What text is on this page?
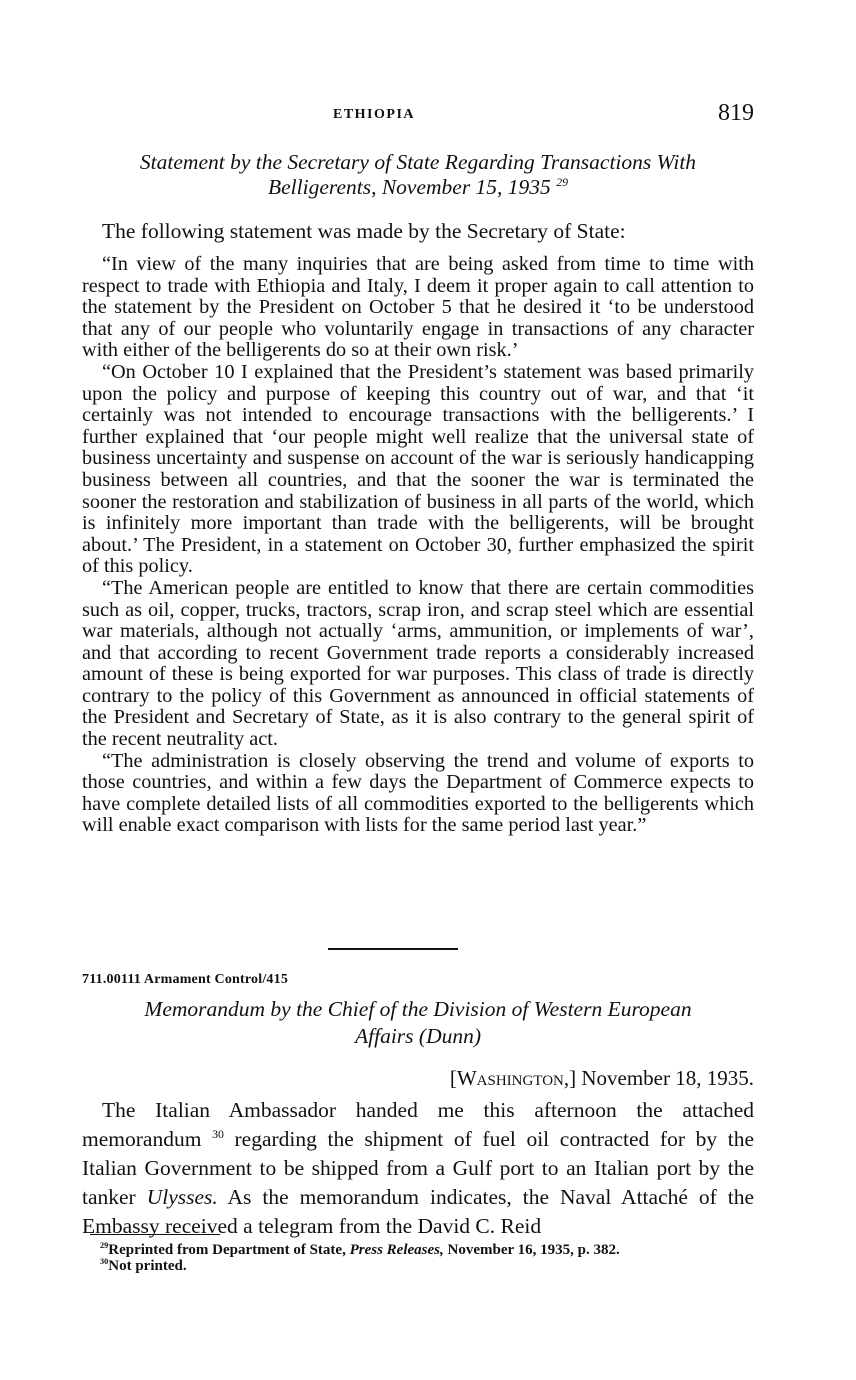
ETHIOPIA	819
Statement by the Secretary of State Regarding Transactions With
Belligerents, November 15, 1935 $^{29}$
The following statement was made by the Secretary of State:

“In view of the many inquiries that are being asked from time to time with respect to trade with Ethiopia and Italy, I deem it proper again to call attention to the statement by the President on October 5 that he desired it ‘to be understood that any of our people who voluntarily engage in transactions of any character with either of the belligerents do so at their own risk.’

“On October 10 I explained that the President’s statement was based primarily upon the policy and purpose of keeping this country out of war, and that ‘it certainly was not intended to encourage transactions with the belligerents.’ I further explained that ‘our people might well realize that the universal state of business uncertainty and suspense on account of the war is seriously handicapping business between all countries, and that the sooner the war is terminated the sooner the restoration and stabilization of business in all parts of the world, which is infinitely more important than trade with the belligerents, will be brought about.’ The President, in a statement on October 30, further emphasized the spirit of this policy.

“The American people are entitled to know that there are certain commodities such as oil, copper, trucks, tractors, scrap iron, and scrap steel which are essential war materials, although not actually ‘arms, ammunition, or implements of war’, and that according to recent Government trade reports a considerably increased amount of these is being exported for war purposes. This class of trade is directly contrary to the policy of this Government as announced in official statements of the President and Secretary of State, as it is also contrary to the general spirit of the recent neutrality act.

“The administration is closely observing the trend and volume of exports to those countries, and within a few days the Department of Commerce expects to have complete detailed lists of all commodities exported to the belligerents which will enable exact comparison with lists for the same period last year.”

711.00111 Armament Control/415
Memorandum by the Chief of the Division of Western European
Affairs (Dunn)
[Washington,] November 18, 1935.

The Italian Ambassador handed me this afternoon the attached memorandum $^{30}$ regarding the shipment of fuel oil contracted for by the Italian Government to be shipped from a Gulf port to an Italian port by the tanker Ulysses. As the memorandum indicates, the Naval Attaché of the Embassy received a telegram from the David C. Reid

$^{29}$Reprinted from Department of State, Press Releases, November 16, 1935, p. 382.

$^{30}$Not printed.
